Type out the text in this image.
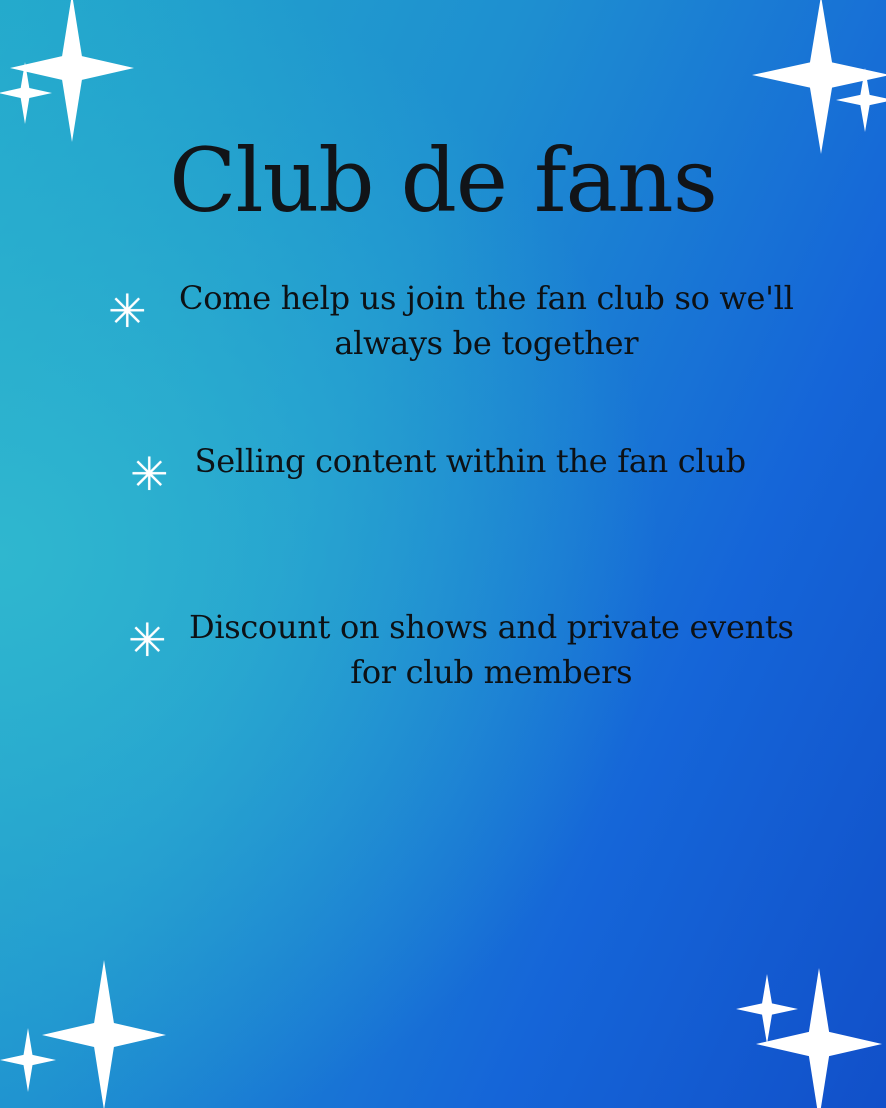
Club de fans
✳	Come help us join the fan club so we'll always be together
✳ Selling content within the fan club
✳ Discount on shows and private events for club members
